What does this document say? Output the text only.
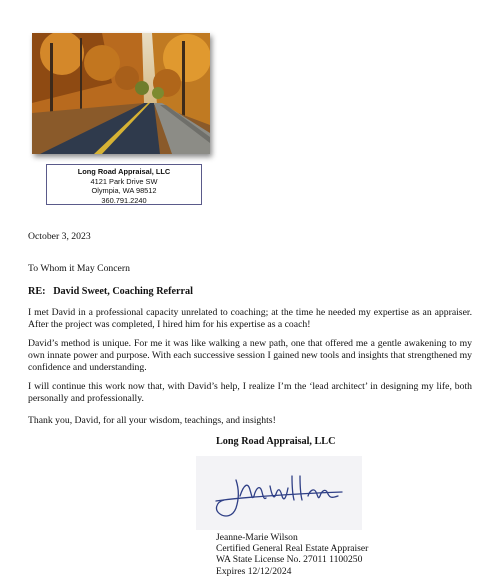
Long Road Appraisal, LLC
4121 Park Drive SW
Olympia, WA 98512
360.791.2240
October 3, 2023
To Whom it May Concern
RE: David Sweet, Coaching Referral

I met David in a professional capacity unrelated to coaching; at the time he needed my expertise as an appraiser. After the project was completed, I hired him for his expertise as a coach!

David’s method is unique. For me it was like walking a new path, one that offered me a gentle awakening to my own innate power and purpose. With each successive session I gained new tools and insights that strengthened my confidence and understanding.

I will continue this work now that, with David’s help, I realize I’m the ‘lead architect’ in designing my life, both personally and professionally.

Thank you, David, for all your wisdom, teachings, and insights!

Long Road Appraisal, LLC
Jeanne-Marie Wilson
Certified General Real Estate Appraiser
WA State License No. 27011 1100250
Expires 12/12/2024
